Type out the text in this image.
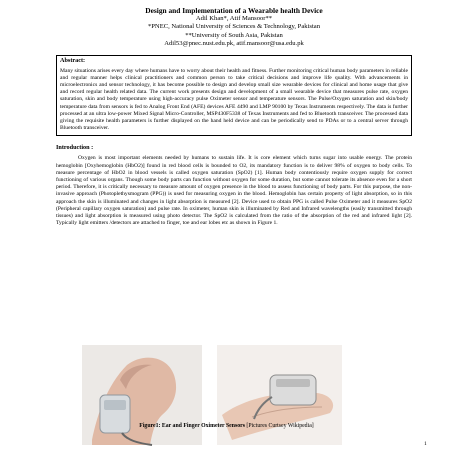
Design and Implementation of a Wearable health Device
Adil Khan*, Atif Mansoor**
*PNEC, National University of Sciences & Technology, Pakistan
**University of South Asia, Pakistan
Adil53@pnec.nust.edu.pk, atif.mansoor@usa.edu.pk
Abstract:

Many situations arises every day where humans have to worry about their health and fitness. Further monitoring critical human body parameters in reliable and regular manner helps clinical practitioners and common person to take critical decisions and improve life quality. With advancements in microelectronics and sensor technology, it has become possible to design and develop small size wearable devices for clinical and home usage that give and record regular health related data. The current work presents design and development of a small wearable device that measures pulse rate, oxygen saturation, skin and body temperature using high-accuracy pulse Oximeter sensor and temperature sensors. The Pulse/Oxygen saturation and skin/body temperature data from sensors is fed to Analog Front End (AFE) devices AFE 4490 and LMP 90100 by Texas Instruments respectively. The data is further processed at an ultra low-power Mixed Signal Micro-Controller, MSP430F5338 of Texas Instruments and fed to Bluetooth transceiver. The processed data giving the requisite health parameters is further displayed on the hand held device and can be periodically send to PDAs or to a central server through Bluetooth transceiver.

Introduction :

Oxygen is most important elements needed by humans to sustain life. It is core element which turns sugar into usable energy. The protein hemoglobin [Oxyhemoglobin (HbO2)] found in red blood cells is bounded to O2, its mandatory function is to deliver 98% of oxygen to body cells. To measure percentage of HbO2 in blood vessels is called oxygen saturation (SpO2) [1]. Human body contentiously require oxygen supply for correct functioning of various organs. Though some body parts can function without oxygen for some duration, but some cannot tolerate its absence even for a short period. Therefore, it is critically necessary to measure amount of oxygen presence in the blood to assess functioning of body parts. For this purpose, the non-invasive approach (Photoplethysmogram (PPG)) is used for measuring oxygen in the blood. Hemoglobin has certain property of light absorption, so in this approach the skin is illuminated and changes in light absorption is measured [2]. Device used to obtain PPG is called Pulse Oximeter and it measures SpO2 (Peripheral capillary oxygen saturation) and pulse rate. In oximeter, human skin is illuminated by Red and Infrared wavelengths (easily transmitted through tissues) and light absorption is measured using photo detector. The SpO2 is calculated from the ratio of the absorption of the red and infrared light [2]. Typically light emitters /detectors are attached to finger, toe and ear lobes etc as shown in Figure 1.

Figure1: Ear and Finger Oximeter Sensors [Pictures Curtsey Wikipedia]
1
